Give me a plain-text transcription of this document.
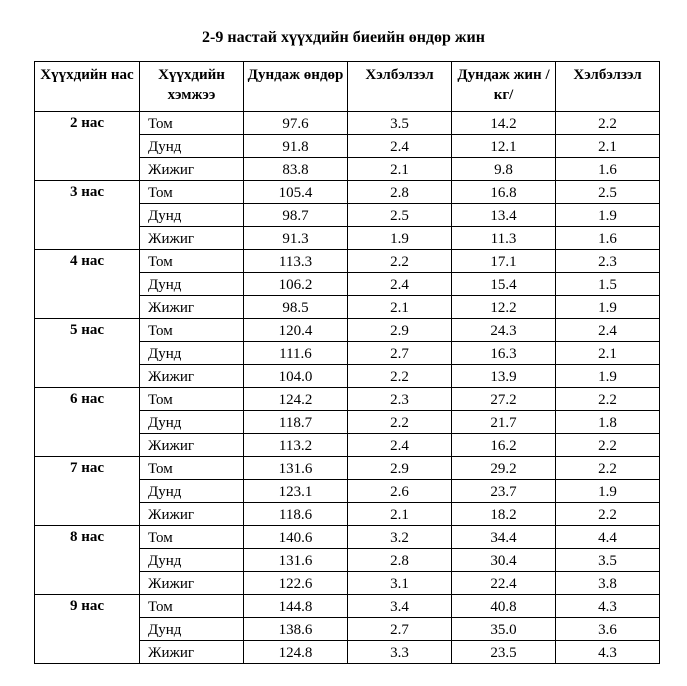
2-9 настай хүүхдийн биеийн өндөр жин
Хүүхдийн нас	Хүүхдийн хэмжээ	Дундаж өндөр	Хэлбэлзэл	Дундаж жин /кг/	Хэлбэлзэл
2 нас	Том	97.6	3.5	14.2	2.2
	Дунд	91.8	2.4	12.1	2.1
	Жижиг	83.8	2.1	9.8	1.6
3 нас	Том	105.4	2.8	16.8	2.5
	Дунд	98.7	2.5	13.4	1.9
	Жижиг	91.3	1.9	11.3	1.6
4 нас	Том	113.3	2.2	17.1	2.3
	Дунд	106.2	2.4	15.4	1.5
	Жижиг	98.5	2.1	12.2	1.9
5 нас	Том	120.4	2.9	24.3	2.4
	Дунд	111.6	2.7	16.3	2.1
	Жижиг	104.0	2.2	13.9	1.9
6 нас	Том	124.2	2.3	27.2	2.2
	Дунд	118.7	2.2	21.7	1.8
	Жижиг	113.2	2.4	16.2	2.2
7 нас	Том	131.6	2.9	29.2	2.2
	Дунд	123.1	2.6	23.7	1.9
	Жижиг	118.6	2.1	18.2	2.2
8 нас	Том	140.6	3.2	34.4	4.4
	Дунд	131.6	2.8	30.4	3.5
	Жижиг	122.6	3.1	22.4	3.8
9 нас	Том	144.8	3.4	40.8	4.3
	Дунд	138.6	2.7	35.0	3.6
	Жижиг	124.8	3.3	23.5	4.3
